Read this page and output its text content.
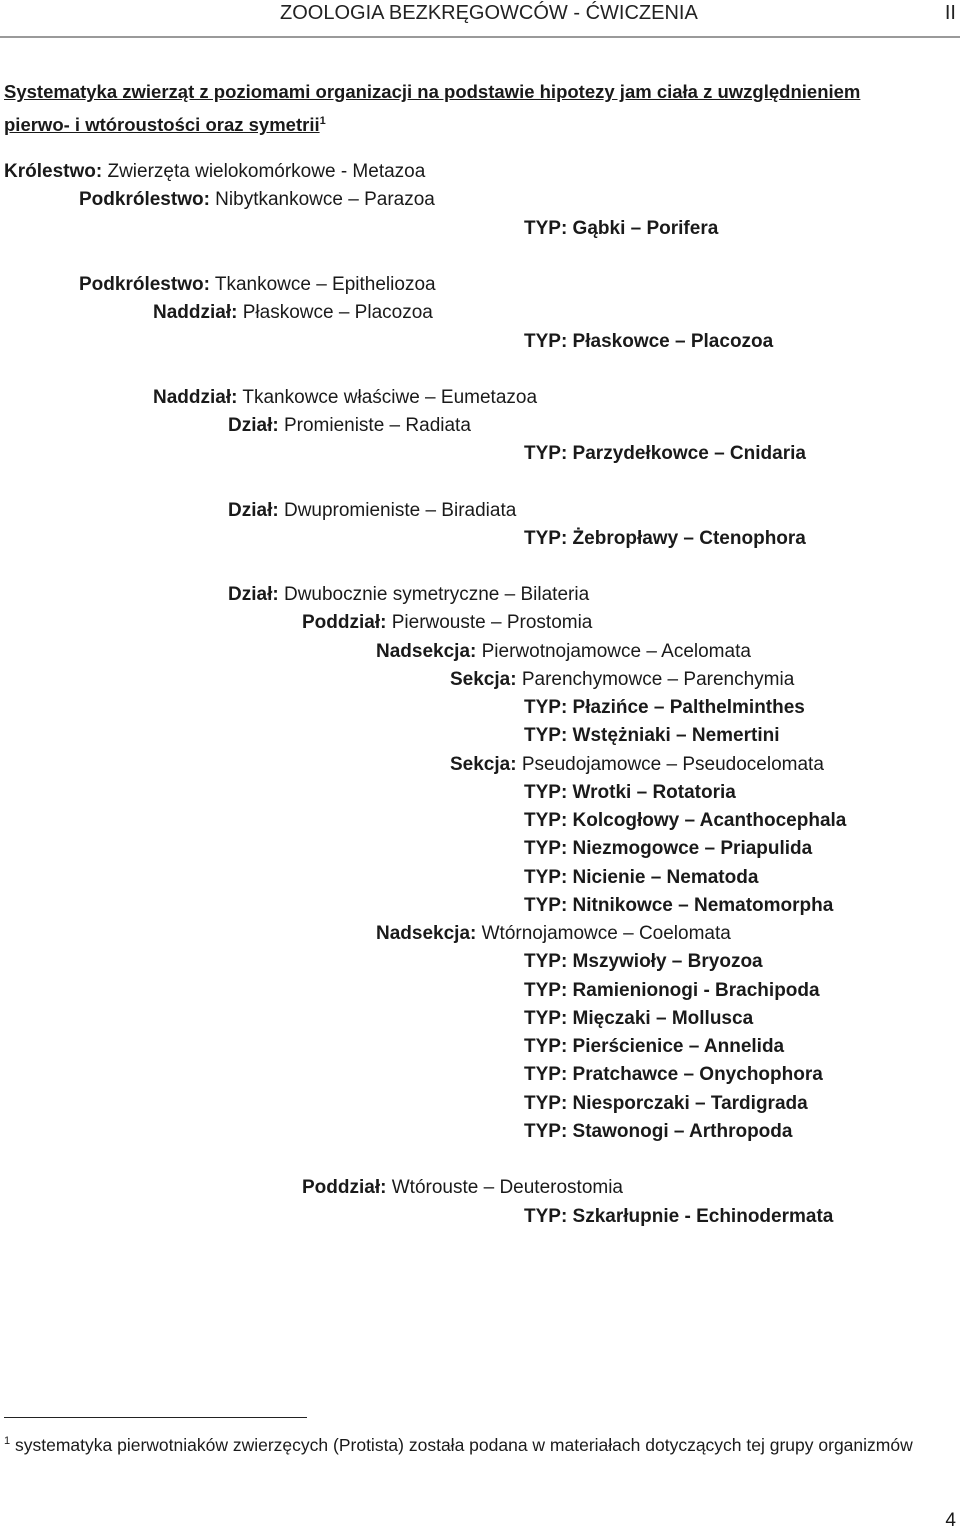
ZOOLOGIA BEZKRĘGOWCÓW - ĆWICZENIA	II
Systematyka zwierząt z poziomami organizacji na podstawie hipotezy jam ciała z uwzględnieniem
pierwo- i wtóroustości oraz symetrii$^1$
Królestwo: Zwierzęta wielokomórkowe - Metazoa
Podkrólestwo: Nibytkankowce – Parazoa
TYP: Gąbki – Porifera
Podkrólestwo: Tkankowce – Epitheliozoa
Naddział: Płaskowce – Placozoa
TYP: Płaskowce – Placozoa
Naddział: Tkankowce właściwe – Eumetazoa
Dział: Promieniste – Radiata
TYP: Parzydełkowce – Cnidaria
Dział: Dwupromieniste – Biradiata
TYP: Żebropławy – Ctenophora
Dział: Dwubocznie symetryczne – Bilateria
Poddział: Pierwouste – Prostomia
Nadsekcja: Pierwotnojamowce – Acelomata
Sekcja: Parenchymowce – Parenchymia
TYP: Płazińce – Palthelminthes
TYP: Wstężniaki – Nemertini
Sekcja: Pseudojamowce – Pseudocelomata
TYP: Wrotki – Rotatoria
TYP: Kolcogłowy – Acanthocephala
TYP: Niezmogowce – Priapulida
TYP: Nicienie – Nematoda
TYP: Nitnikowce – Nematomorpha
Nadsekcja: Wtórnojamowce – Coelomata
TYP: Mszywioły – Bryozoa
TYP: Ramienionogi - Brachipoda
TYP: Mięczaki – Mollusca
TYP: Pierścienice – Annelida
TYP: Pratchawce – Onychophora
TYP: Niesporczaki – Tardigrada
TYP: Stawonogi – Arthropoda
Poddział: Wtórouste – Deuterostomia
TYP: Szkarłupnie - Echinodermata
$^1$ systematyka pierwotniaków zwierzęcych (Protista) została podana w materiałach dotyczących tej grupy organizmów
4
